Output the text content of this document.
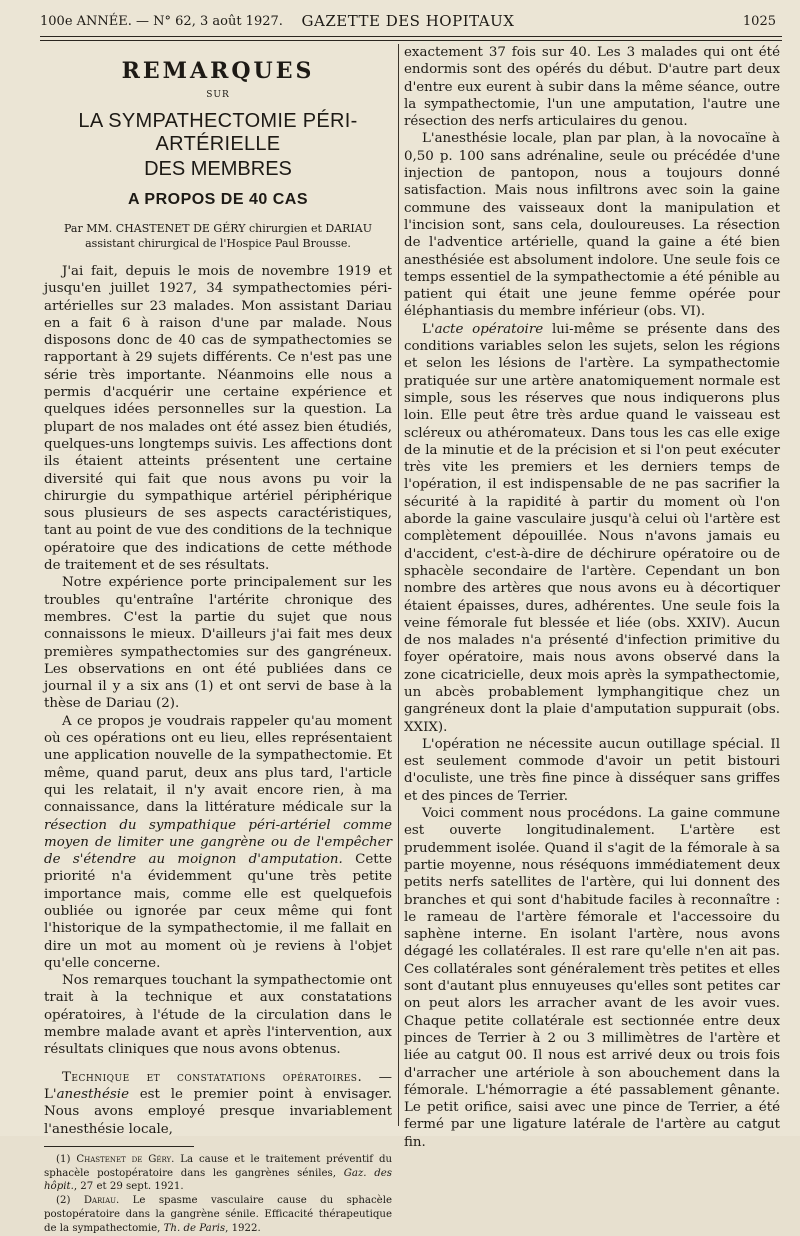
100e ANNÉE. — N° 62, 3 août 1927.	GAZETTE DES HOPITAUX	1025
REMARQUES
SUR
LA SYMPATHECTOMIE PÉRI-ARTÉRIELLE
DES MEMBRES
A PROPOS DE 40 CAS
Par MM. CHASTENET DE GÉRY chirurgien et DARIAU
assistant chirurgical de l'Hospice Paul Brousse.

J'ai fait, depuis le mois de novembre 1919 et jusqu'en juillet 1927, 34 sympathectomies péri-artérielles sur 23 malades. Mon assistant Dariau en a fait 6 à raison d'une par malade. Nous disposons donc de 40 cas de sympathectomies se rapportant à 29 sujets différents. Ce n'est pas une série très importante. Néanmoins elle nous a permis d'acquérir une certaine expérience et quelques idées personnelles sur la question. La plupart de nos malades ont été assez bien étudiés, quelques-uns longtemps suivis. Les affections dont ils étaient atteints présentent une certaine diversité qui fait que nous avons pu voir la chirurgie du sympathique artériel périphérique sous plusieurs de ses aspects caractéristiques, tant au point de vue des conditions de la technique opératoire que des indications de cette méthode de traitement et de ses résultats.

Notre expérience porte principalement sur les troubles qu'entraîne l'artérite chronique des membres. C'est la partie du sujet que nous connaissons le mieux. D'ailleurs j'ai fait mes deux premières sympathectomies sur des gangréneux. Les observations en ont été publiées dans ce journal il y a six ans (1) et ont servi de base à la thèse de Dariau (2).

A ce propos je voudrais rappeler qu'au moment où ces opérations ont eu lieu, elles représentaient une application nouvelle de la sympathectomie. Et même, quand parut, deux ans plus tard, l'article qui les relatait, il n'y avait encore rien, à ma connaissance, dans la littérature médicale sur la résection du sympathique péri-artériel comme moyen de limiter une gangrène ou de l'empêcher de s'étendre au moignon d'amputation. Cette priorité n'a évidemment qu'une très petite importance mais, comme elle est quelquefois oubliée ou ignorée par ceux même qui font l'historique de la sympathectomie, il me fallait en dire un mot au moment où je reviens à l'objet qu'elle concerne.

Nos remarques touchant la sympathectomie ont trait à la technique et aux constatations opératoires, à l'étude de la circulation dans le membre malade avant et après l'intervention, aux résultats cliniques que nous avons obtenus.

Technique et constatations opératoires. — L'anesthésie est le premier point à envisager. Nous avons employé presque invariablement l'anesthésie locale,

(1) Chastenet de Géry. La cause et le traitement préventif du sphacèle postopératoire dans les gangrènes séniles, Gaz. des hôpit., 27 et 29 sept. 1921.

(2) Dariau. Le spasme vasculaire cause du sphacèle postopératoire dans la gangrène sénile. Efficacité thérapeutique de la sympathectomie, Th. de Paris, 1922.

exactement 37 fois sur 40. Les 3 malades qui ont été endormis sont des opérés du début. D'autre part deux d'entre eux eurent à subir dans la même séance, outre la sympathectomie, l'un une amputation, l'autre une résection des nerfs articulaires du genou.

L'anesthésie locale, plan par plan, à la novocaïne à 0,50 p. 100 sans adrénaline, seule ou précédée d'une injection de pantopon, nous a toujours donné satisfaction. Mais nous infiltrons avec soin la gaine commune des vaisseaux dont la manipulation et l'incision sont, sans cela, douloureuses. La résection de l'adventice artérielle, quand la gaine a été bien anesthésiée est absolument indolore. Une seule fois ce temps essentiel de la sympathectomie a été pénible au patient qui était une jeune femme opérée pour éléphantiasis du membre inférieur (obs. VI).

L'acte opératoire lui-même se présente dans des conditions variables selon les sujets, selon les régions et selon les lésions de l'artère. La sympathectomie pratiquée sur une artère anatomiquement normale est simple, sous les réserves que nous indiquerons plus loin. Elle peut être très ardue quand le vaisseau est scléreux ou athéromateux. Dans tous les cas elle exige de la minutie et de la précision et si l'on peut exécuter très vite les premiers et les derniers temps de l'opération, il est indispensable de ne pas sacrifier la sécurité à la rapidité à partir du moment où l'on aborde la gaine vasculaire jusqu'à celui où l'artère est complètement dépouillée. Nous n'avons jamais eu d'accident, c'est-à-dire de déchirure opératoire ou de sphacèle secondaire de l'artère. Cependant un bon nombre des artères que nous avons eu à décortiquer étaient épaisses, dures, adhérentes. Une seule fois la veine fémorale fut blessée et liée (obs. XXIV). Aucun de nos malades n'a présenté d'infection primitive du foyer opératoire, mais nous avons observé dans la zone cicatricielle, deux mois après la sympathectomie, un abcès probablement lymphangitique chez un gangréneux dont la plaie d'amputation suppurait (obs. XXIX).

L'opération ne nécessite aucun outillage spécial. Il est seulement commode d'avoir un petit bistouri d'oculiste, une très fine pince à disséquer sans griffes et des pinces de Terrier.

Voici comment nous procédons. La gaine commune est ouverte longitudinalement. L'artère est prudemment isolée. Quand il s'agit de la fémorale à sa partie moyenne, nous réséquons immédiatement deux petits nerfs satellites de l'artère, qui lui donnent des branches et qui sont d'habitude faciles à reconnaître : le rameau de l'artère fémorale et l'accessoire du saphène interne. En isolant l'artère, nous avons dégagé les collatérales. Il est rare qu'elle n'en ait pas. Ces collatérales sont généralement très petites et elles sont d'autant plus ennuyeuses qu'elles sont petites car on peut alors les arracher avant de les avoir vues. Chaque petite collatérale est sectionnée entre deux pinces de Terrier à 2 ou 3 millimètres de l'artère et liée au catgut 00. Il nous est arrivé deux ou trois fois d'arracher une artériole à son abouchement dans la fémorale. L'hémorragie a été passablement gênante. Le petit orifice, saisi avec une pince de Terrier, a été fermé par une ligature latérale de l'artère au catgut fin.
